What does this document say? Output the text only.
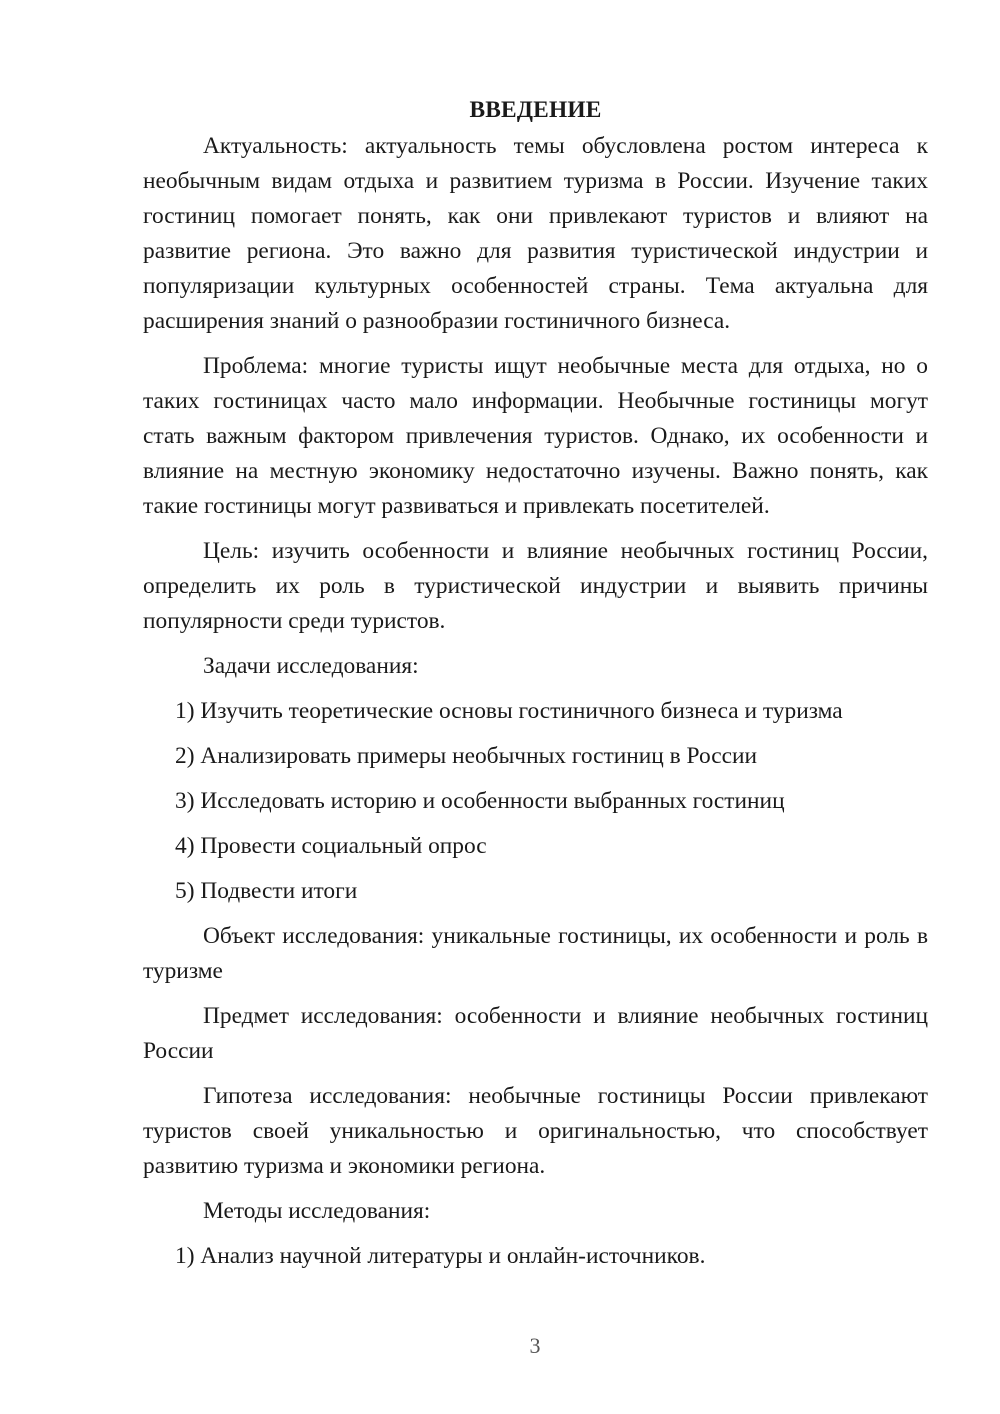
ВВЕДЕНИЕ

Актуальность: актуальность темы обусловлена ростом интереса к необычным видам отдыха и развитием туризма в России. Изучение таких гостиниц помогает понять, как они привлекают туристов и влияют на развитие региона. Это важно для развития туристической индустрии и популяризации культурных особенностей страны. Тема актуальна для расширения знаний о разнообразии гостиничного бизнеса.

Проблема: многие туристы ищут необычные места для отдыха, но о таких гостиницах часто мало информации. Необычные гостиницы могут стать важным фактором привлечения туристов. Однако, их особенности и влияние на местную экономику недостаточно изучены. Важно понять, как такие гостиницы могут развиваться и привлекать посетителей.

Цель: изучить особенности и влияние необычных гостиниц России, определить их роль в туристической индустрии и выявить причины популярности среди туристов.

Задачи исследования:

1) Изучить теоретические основы гостиничного бизнеса и туризма

2) Анализировать примеры необычных гостиниц в России

3) Исследовать историю и особенности выбранных гостиниц

4) Провести социальный опрос

5) Подвести итоги

Объект исследования: уникальные гостиницы, их особенности и роль в туризме

Предмет исследования: особенности и влияние необычных гостиниц России

Гипотеза исследования: необычные гостиницы России привлекают туристов своей уникальностью и оригинальностью, что способствует развитию туризма и экономики региона.

Методы исследования:

1) Анализ научной литературы и онлайн-источников.

3
